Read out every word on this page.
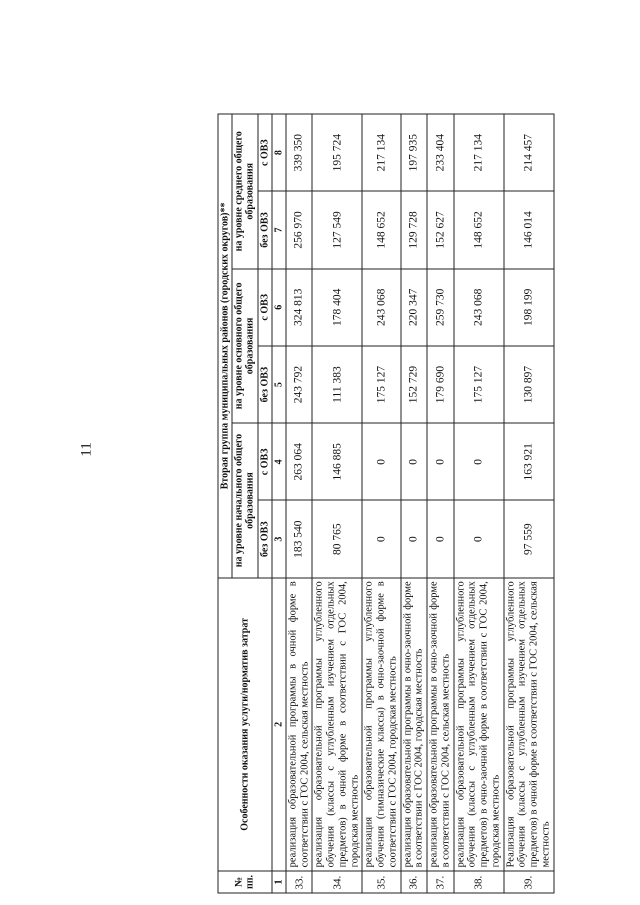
11
№ пп.	Особенности оказания услуги/норматив затрат	Вторая группа муниципальных районов (городских округов)**					
		на уровне начального общего образования		на уровне основного общего образования		на уровне среднего общего образования	
		без ОВЗ	с ОВЗ	без ОВЗ	с ОВЗ	без ОВЗ	с ОВЗ
1	2	3	4	5	6	7	8
33.	реализация образовательной программы в очной форме в соответствии с ГОС 2004, сельская местность	183 540	263 064	243 792	324 813	256 970	339 350
34.	реализация образовательной программы углубленного обучения (классы с углубленным изучением отдельных предметов) в очной форме в соответствии с ГОС 2004, городская местность	80 765	146 885	111 383	178 404	127 549	195 724
35.	реализация образовательной программы углубленного обучения (гимназические классы) в очно-заочной форме в соответствии с ГОС 2004, городская местность	0	0	175 127	243 068	148 652	217 134
36.	реализация образовательной программы в очно-заочной форме в соответствии с ГОС 2004, городская местность	0	0	152 729	220 347	129 728	197 935
37.	реализация образовательной программы в очно-заочной форме в соответствии с ГОС 2004, сельская местность	0	0	179 690	259 730	152 627	233 404
38.	реализация образовательной программы углубленного обучения (классы с углубленным изучением отдельных предметов) в очно-заочной форме в соответствии с ГОС 2004, городская местность	0	0	175 127	243 068	148 652	217 134
39.	Реализация образовательной программы углубленного обучения (классы с углубленным изучением отдельных предметов) в очной форме в соответствии с ГОС 2004, сельская местность	97 559	163 921	130 897	198 199	146 014	214 457
